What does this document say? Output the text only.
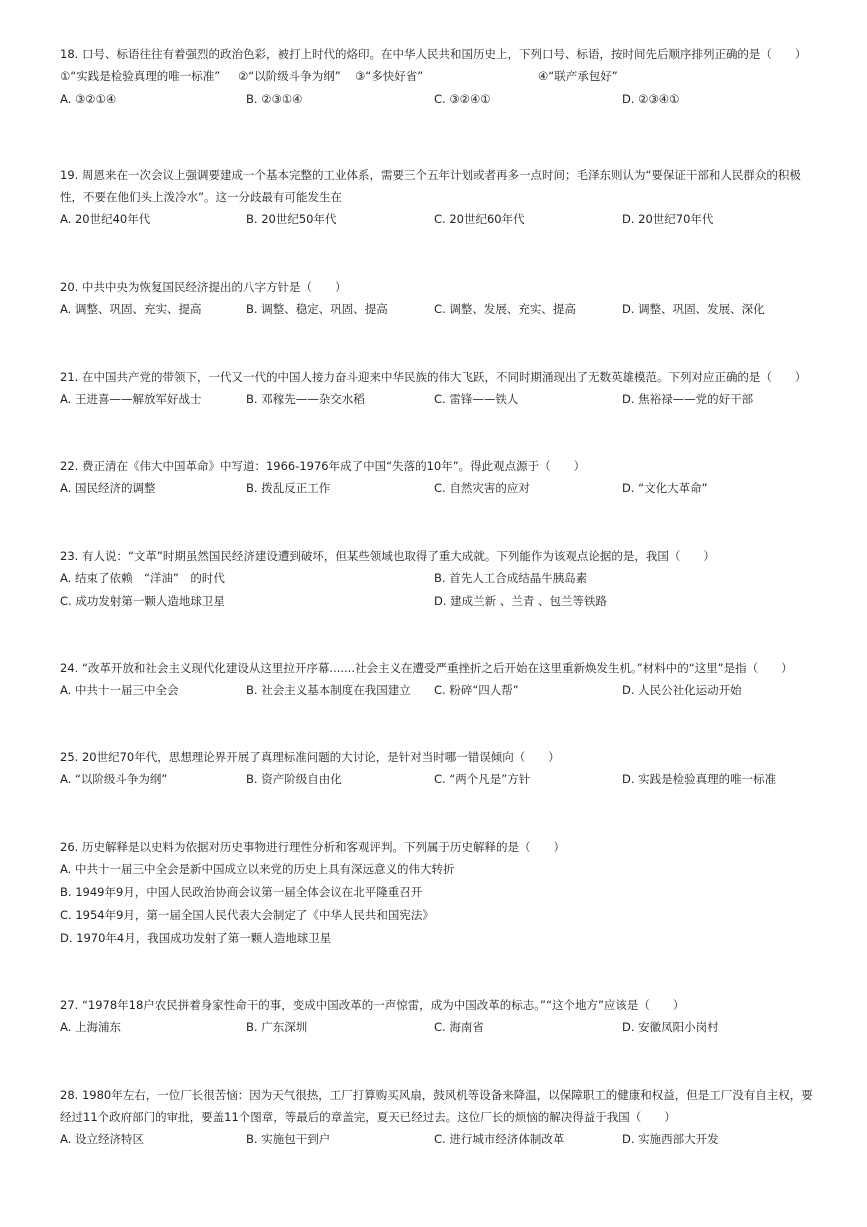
18. 口号、标语往往有着强烈的政治色彩，被打上时代的烙印。在中华人民共和国历史上，下列口号、标语，按时间先后顺序排列正确的是（　　）
①“实践是检验真理的唯一标准” ②“以阶级斗争为纲” ③“多快好省”	④“联产承包好”
A. ③②①④	B. ②③①④	C. ③②④①	D. ②③④①
19. 周恩来在一次会议上强调要建成一个基本完整的工业体系，需要三个五年计划或者再多一点时间；毛泽东则认为“要保证干部和人民群众的积极性，不要在他们头上泼冷水”。这一分歧最有可能发生在
A. 20世纪40年代	B. 20世纪50年代	C. 20世纪60年代	D. 20世纪70年代
20. 中共中央为恢复国民经济提出的八字方针是（　　）
A. 调整、巩固、充实、提高	B. 调整、稳定、巩固、提高	C. 调整、发展、充实、提高	D. 调整、巩固、发展、深化
21. 在中国共产党的带领下，一代又一代的中国人接力奋斗迎来中华民族的伟大飞跃，不同时期涌现出了无数英雄模范。下列对应正确的是（　　）
A. 王进喜——解放军好战士	B. 邓稼先——杂交水稻	C. 雷锋——铁人	D. 焦裕禄——党的好干部
22. 费正清在《伟大中国革命》中写道：1966-1976年成了中国“失落的10年”。得此观点源于（　　）
A. 国民经济的调整	B. 拨乱反正工作	C. 自然灾害的应对	D. “文化大革命”
23. 有人说：“文革”时期虽然国民经济建设遭到破坏，但某些领域也取得了重大成就。下列能作为该观点论据的是，我国（　　）
A. 结束了依赖　“洋油”　的时代	B. 首先人工合成结晶牛胰岛素
C. 成功发射第一颗人造地球卫星	D. 建成兰新 、兰青 、包兰等铁路
24. “改革开放和社会主义现代化建设从这里拉开序幕.......社会主义在遭受严重挫折之后开始在这里重新焕发生机。”材料中的“这里”是指（　　）
A. 中共十一届三中全会	B. 社会主义基本制度在我国建立 C. 粉碎“四人帮”	D. 人民公社化运动开始
25. 20世纪70年代，思想理论界开展了真理标准问题的大讨论，是针对当时哪一错误倾向（　　）
A. “以阶级斗争为纲”	B. 资产阶级自由化	C. “两个凡是”方针	D. 实践是检验真理的唯一标准
26. 历史解释是以史料为依据对历史事物进行理性分析和客观评判。下列属于历史解释的是（　　）
A. 中共十一届三中全会是新中国成立以来党的历史上具有深远意义的伟大转折
B. 1949年9月，中国人民政治协商会议第一届全体会议在北平隆重召开
C. 1954年9月，第一届全国人民代表大会制定了《中华人民共和国宪法》
D. 1970年4月，我国成功发射了第一颗人造地球卫星
27. “1978年18户农民拼着身家性命干的事，变成中国改革的一声惊雷，成为中国改革的标志。”“这个地方”应该是（　　）
A. 上海浦东	B. 广东深圳	C. 海南省	D. 安徽凤阳小岗村
28. 1980年左右，一位厂长很苦恼：因为天气很热，工厂打算购买风扇，鼓风机等设备来降温，以保障职工的健康和权益，但是工厂没有自主权，要经过11个政府部门的审批，要盖11个图章，等最后的章盖完，夏天已经过去。这位厂长的烦恼的解决得益于我国（　　）
A. 设立经济特区	B. 实施包干到户	C. 进行城市经济体制改革	D. 实施西部大开发
